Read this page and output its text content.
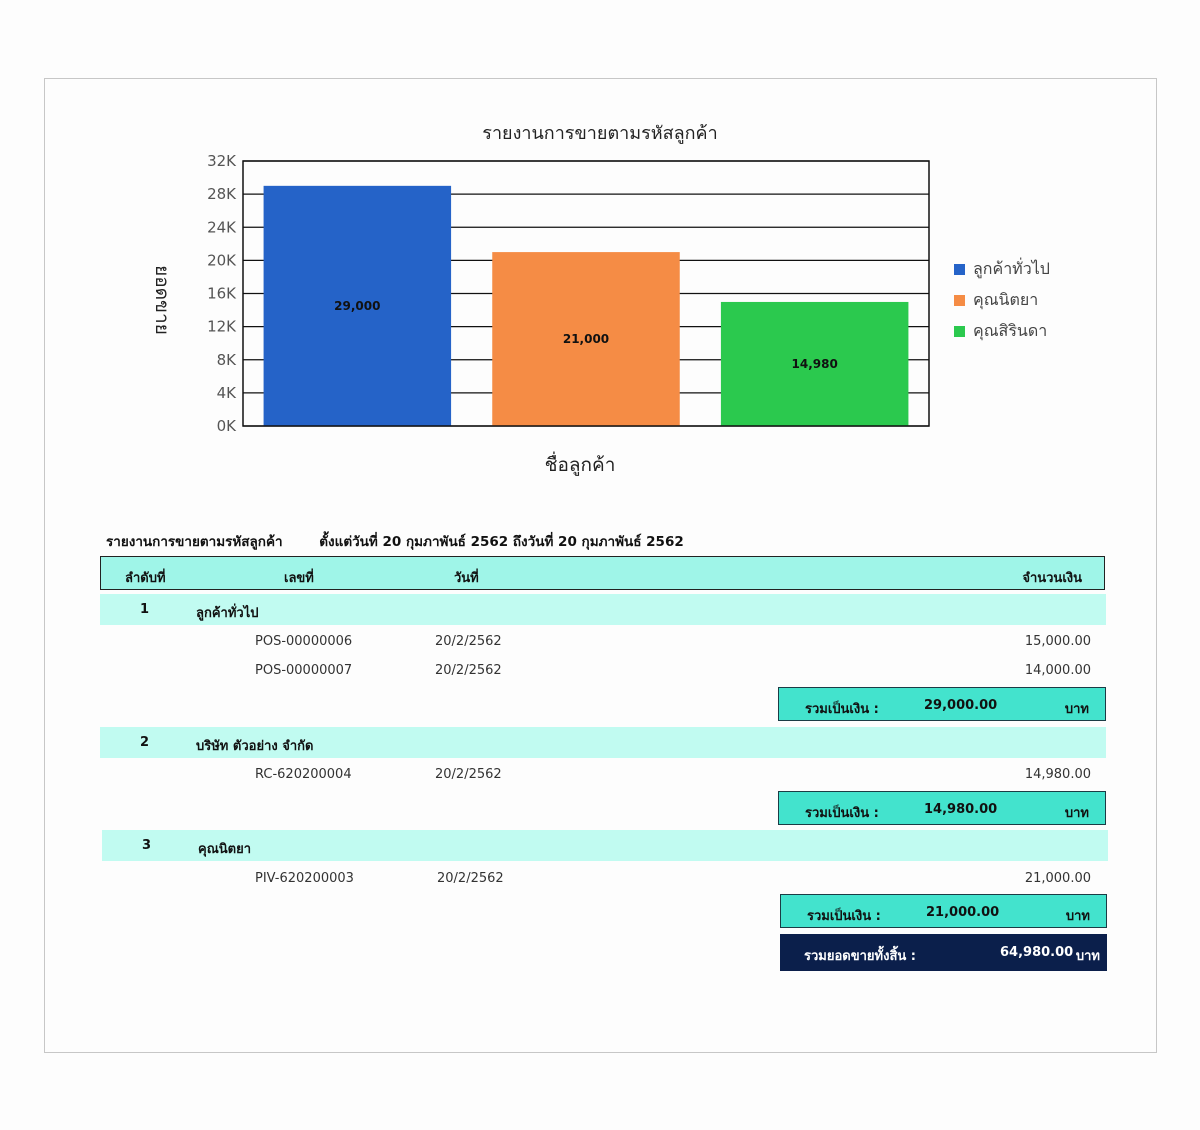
รายงานการขายตามรหัสลูกค้า
0K
4K
8K
12K
16K
20K
24K
28K
32K
29,000
21,000
14,980
ยอดขาย
ชื่อลูกค้า
ลูกค้าทั่วไป
คุณนิตยา
คุณสิรินดา
รายงานการขายตามรหัสลูกค้า	ตั้งแต่วันที่ 20 กุมภาพันธ์ 2562 ถึงวันที่ 20 กุมภาพันธ์ 2562
ลำดับที่	เลขที่	วันที่	จำนวนเงิน
1	ลูกค้าทั่วไป
POS-00000006	20/2/2562	15,000.00
POS-00000007	20/2/2562	14,000.00
รวมเป็นเงิน :	29,000.00	บาท
2	บริษัท ตัวอย่าง จำกัด
RC-620200004	20/2/2562	14,980.00
รวมเป็นเงิน :	14,980.00	บาท
3	คุณนิตยา
PIV-620200003	20/2/2562	21,000.00
รวมเป็นเงิน :	21,000.00	บาท
รวมยอดขายทั้งสิ้น :	64,980.00 บาท
